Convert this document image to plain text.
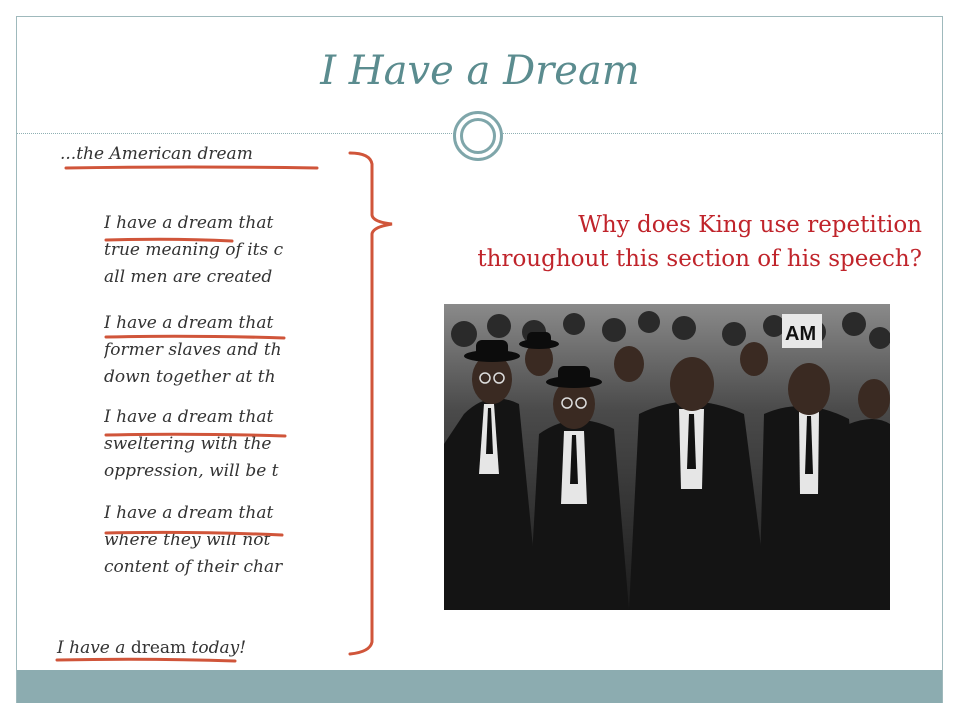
I Have a Dream

...the American dream

I have a dream that
true meaning of its c
all men are created
I have a dream that
former slaves and th
down together at th
I have a dream that
sweltering with the
oppression, will be t
I have a dream that
where they will not
content of their char

I have a dream today!

Why does King use repetition
throughout this section of his speech?
AM
